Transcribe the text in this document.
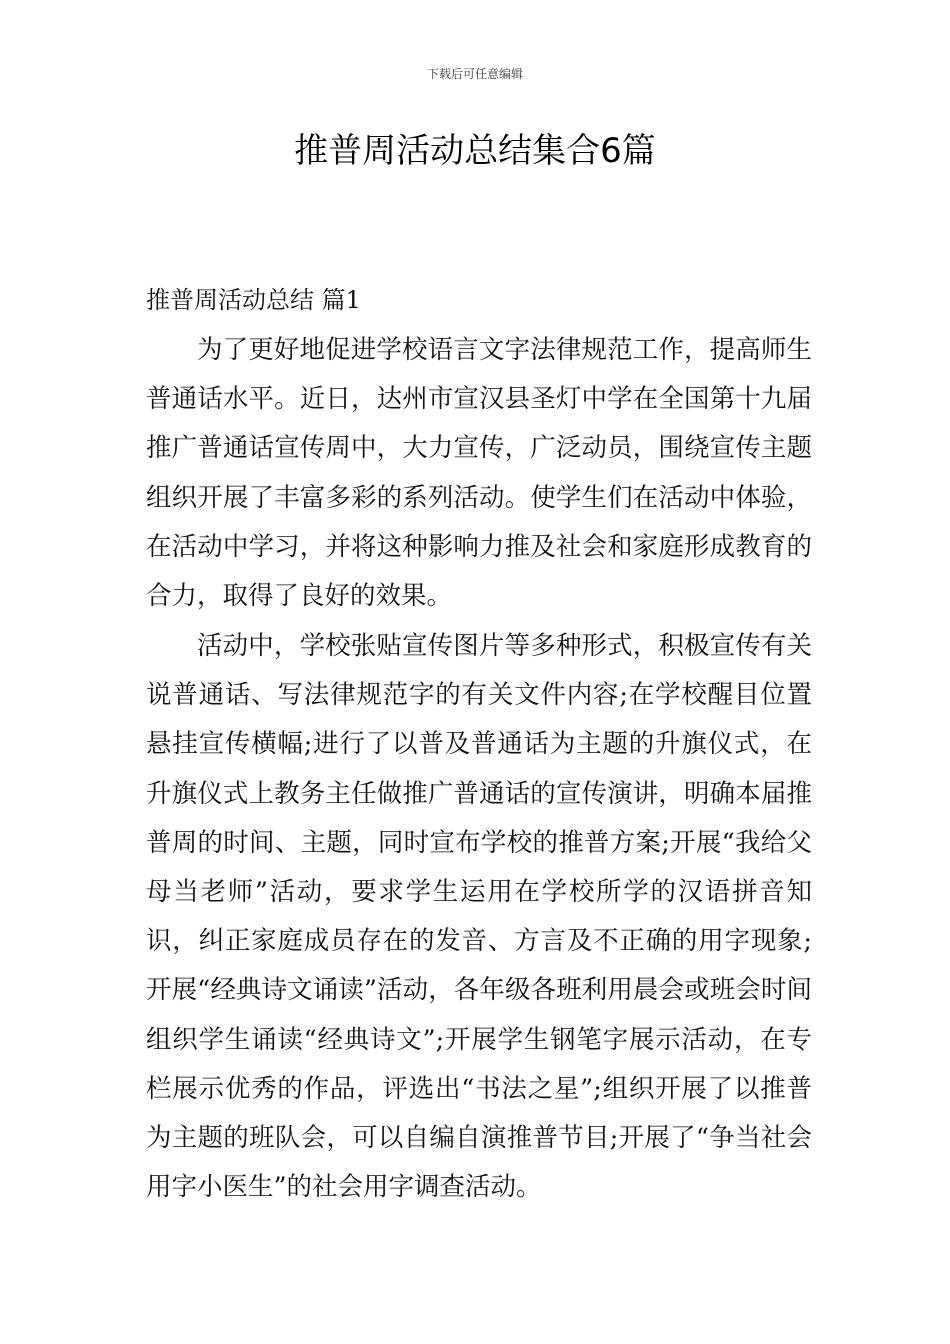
下载后可任意编辑
推普周活动总结集合6篇
推普周活动总结 篇1

为了更好地促进学校语言文字法律规范工作，提高师生普通话水平。近日，达州市宣汉县圣灯中学在全国第十九届推广普通话宣传周中，大力宣传，广泛动员，围绕宣传主题组织开展了丰富多彩的系列活动。使学生们在活动中体验，在活动中学习，并将这种影响力推及社会和家庭形成教育的合力，取得了良好的效果。

活动中，学校张贴宣传图片等多种形式，积极宣传有关说普通话、写法律规范字的有关文件内容;在学校醒目位置悬挂宣传横幅;进行了以普及普通话为主题的升旗仪式，在升旗仪式上教务主任做推广普通话的宣传演讲，明确本届推普周的时间、主题，同时宣布学校的推普方案;开展“我给父母当老师”活动，要求学生运用在学校所学的汉语拼音知识，纠正家庭成员存在的发音、方言及不正确的用字现象;开展“经典诗文诵读”活动，各年级各班利用晨会或班会时间组织学生诵读“经典诗文”;开展学生钢笔字展示活动，在专栏展示优秀的作品，评选出“书法之星”;组织开展了以推普为主题的班队会，可以自编自演推普节目;开展了“争当社会用字小医生”的社会用字调查活动。
